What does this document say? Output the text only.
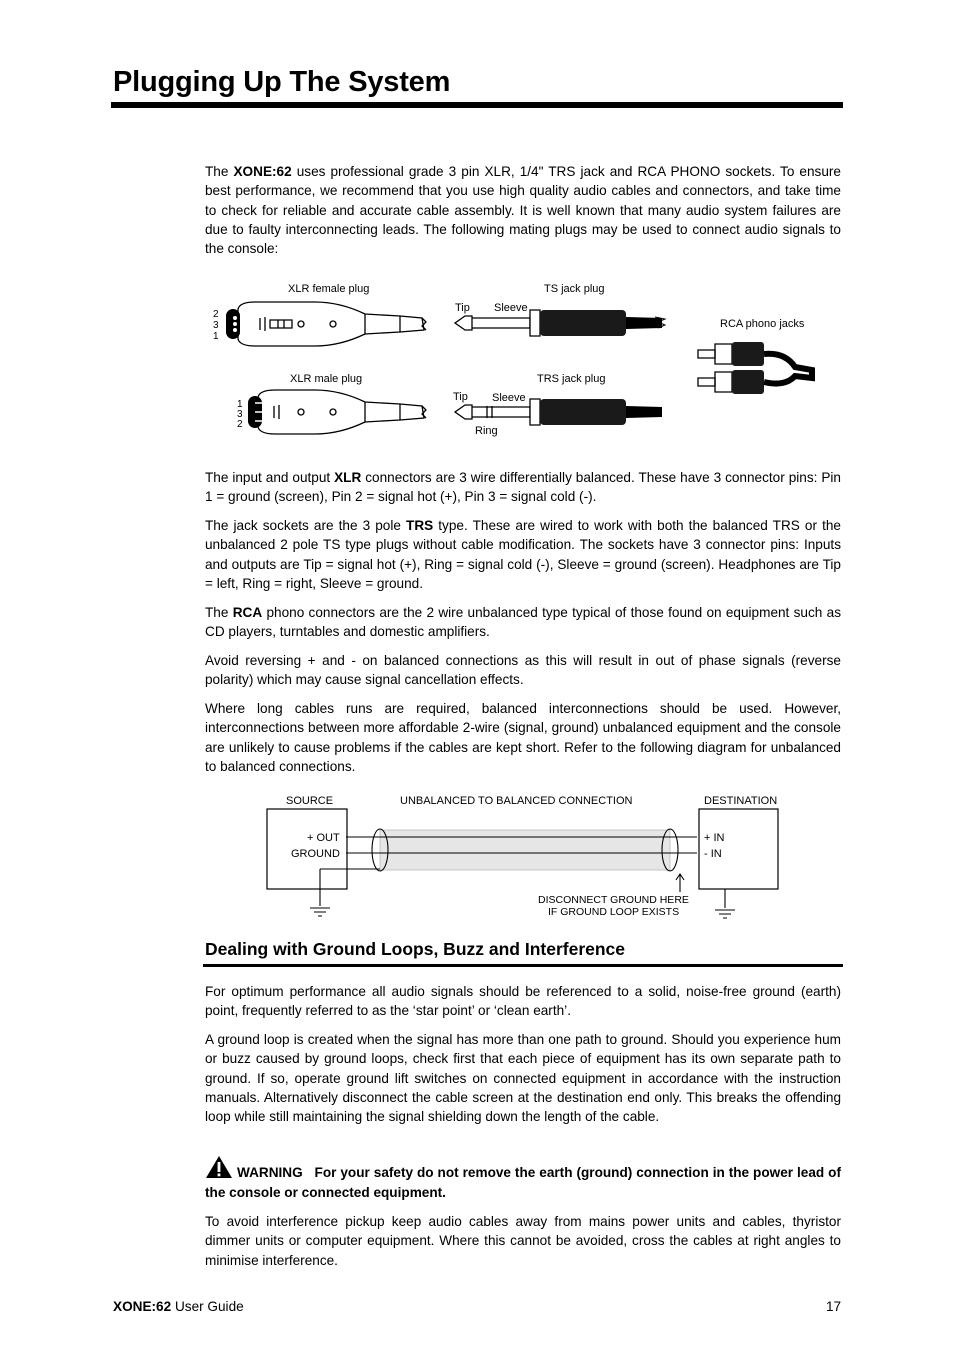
Plugging Up The System
The XONE:62 uses professional grade 3 pin XLR, 1/4" TRS jack and RCA PHONO sockets. To ensure best performance, we recommend that you use high quality audio cables and connectors, and take time to check for reliable and accurate cable assembly. It is well known that many audio system failures are due to faulty interconnecting leads. The following mating plugs may be used to connect audio signals to the console:
XLR female plug
2
3
1
XLR male plug
1
3
2
TS jack plug
Tip Sleeve
TRS jack plug
Tip Sleeve
Ring
RCA phono jacks
The input and output XLR connectors are 3 wire differentially balanced. These have 3 connector pins: Pin 1 = ground (screen), Pin 2 = signal hot (+), Pin 3 = signal cold (-).
The jack sockets are the 3 pole TRS type. These are wired to work with both the balanced TRS or the unbalanced 2 pole TS type plugs without cable modification. The sockets have 3 connector pins: Inputs and outputs are Tip = signal hot (+), Ring = signal cold (-), Sleeve = ground (screen). Headphones are Tip = left, Ring = right, Sleeve = ground.
The RCA phono connectors are the 2 wire unbalanced type typical of those found on equipment such as CD players, turntables and domestic amplifiers.
Avoid reversing + and - on balanced connections as this will result in out of phase signals (reverse polarity) which may cause signal cancellation effects.
Where long cables runs are required, balanced interconnections should be used. However, interconnections between more affordable 2-wire (signal, ground) unbalanced equipment and the console are unlikely to cause problems if the cables are kept short. Refer to the following diagram for unbalanced to balanced connections.
SOURCE	UNBALANCED TO BALANCED CONNECTION	DESTINATION
+ OUT
GROUND
+ IN
- IN
DISCONNECT GROUND HERE
IF GROUND LOOP EXISTS
Dealing with Ground Loops, Buzz and Interference
For optimum performance all audio signals should be referenced to a solid, noise-free ground (earth) point, frequently referred to as the ‘star point’ or ‘clean earth’.
A ground loop is created when the signal has more than one path to ground. Should you experience hum or buzz caused by ground loops, check first that each piece of equipment has its own separate path to ground. If so, operate ground lift switches on connected equipment in accordance with the instruction manuals. Alternatively disconnect the cable screen at the destination end only. This breaks the offending loop while still maintaining the signal shielding down the length of the cable.
WARNING For your safety do not remove the earth (ground) connection in the power lead of the console or connected equipment.
To avoid interference pickup keep audio cables away from mains power units and cables, thyristor dimmer units or computer equipment. Where this cannot be avoided, cross the cables at right angles to minimise interference.
XONE:62 User Guide	17
